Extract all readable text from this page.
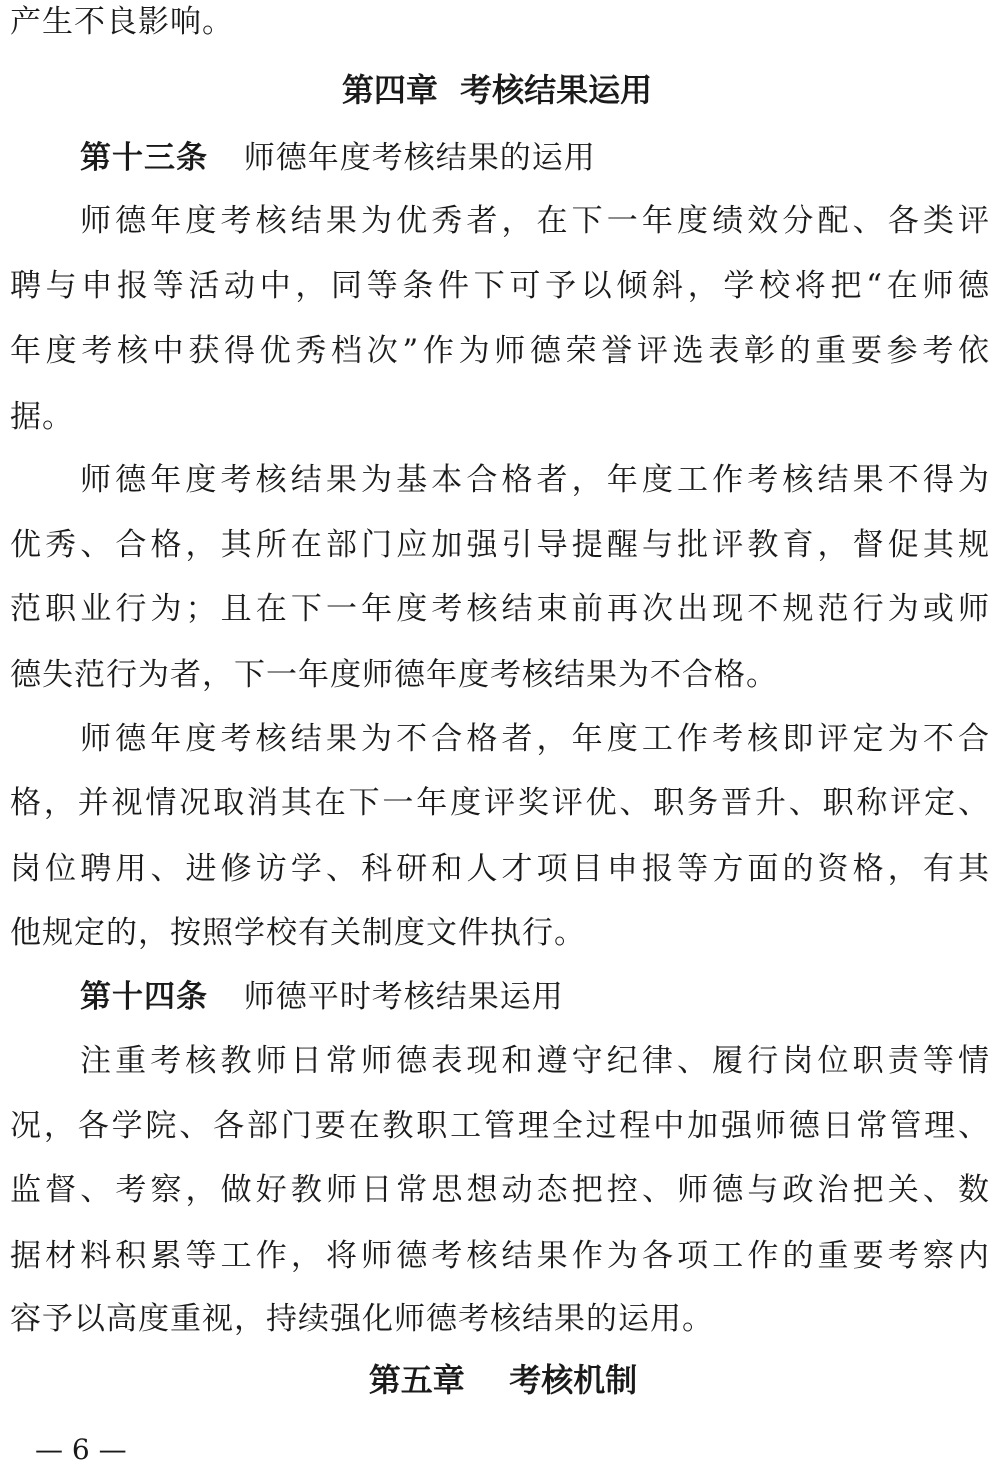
产生不良影响。
第四章  考核结果运用
第十三条 师德年度考核结果的运用
师德年度考核结果为优秀者，在下一年度绩效分配、各类评
聘与申报等活动中，同等条件下可予以倾斜，学校将把“在师德
年度考核中获得优秀档次”作为师德荣誉评选表彰的重要参考依
据。
师德年度考核结果为基本合格者，年度工作考核结果不得为
优秀、合格，其所在部门应加强引导提醒与批评教育，督促其规
范职业行为；且在下一年度考核结束前再次出现不规范行为或师
德失范行为者，下一年度师德年度考核结果为不合格。
师德年度考核结果为不合格者，年度工作考核即评定为不合
格，并视情况取消其在下一年度评奖评优、职务晋升、职称评定、
岗位聘用、进修访学、科研和人才项目申报等方面的资格，有其
他规定的，按照学校有关制度文件执行。
第十四条 师德平时考核结果运用
注重考核教师日常师德表现和遵守纪律、履行岗位职责等情
况，各学院、各部门要在教职工管理全过程中加强师德日常管理、
监督、考察，做好教师日常思想动态把控、师德与政治把关、数
据材料积累等工作，将师德考核结果作为各项工作的重要考察内
容予以高度重视，持续强化师德考核结果的运用。
第五章    考核机制
— 6 —
